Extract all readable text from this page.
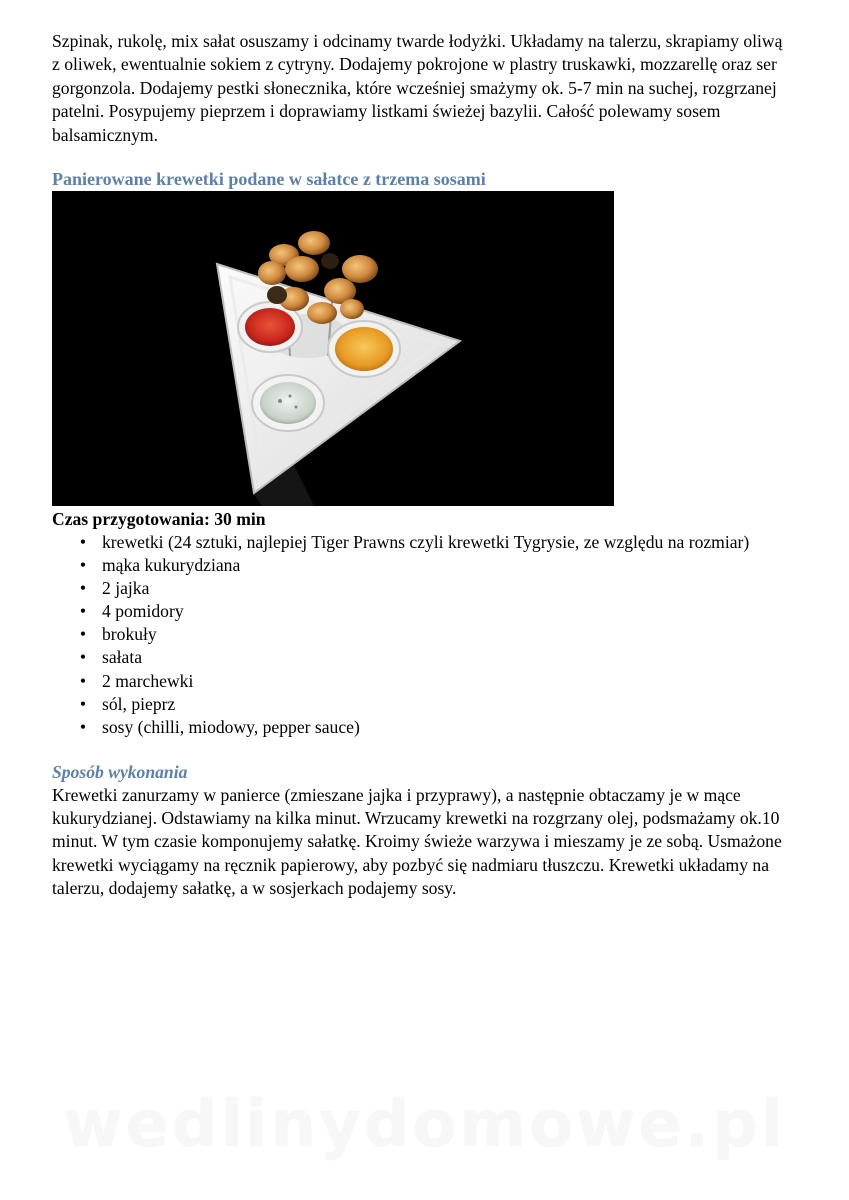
Szpinak, rukolę, mix sałat osuszamy i odcinamy twarde łodyżki. Układamy na talerzu, skrapiamy oliwą z oliwek, ewentualnie sokiem z cytryny. Dodajemy pokrojone w plastry truskawki, mozzarellę oraz ser gorgonzola. Dodajemy pestki słonecznika, które wcześniej smażymy ok. 5-7 min na suchej, rozgrzanej patelni. Posypujemy pieprzem i doprawiamy listkami świeżej bazylii. Całość polewamy sosem balsamicznym.

Panierowane krewetki podane w sałatce z trzema sosami

Czas przygotowania: 30 min

• krewetki (24 sztuki, najlepiej Tiger Prawns czyli krewetki Tygrysie, ze względu na rozmiar)
• mąka kukurydziana
• 2 jajka
• 4 pomidory
• brokuły
• sałata
• 2 marchewki
• sól, pieprz
• sosy (chilli, miodowy, pepper sauce)

Sposób wykonania

Krewetki zanurzamy w panierce (zmieszane jajka i przyprawy), a następnie obtaczamy je w mące kukurydzianej. Odstawiamy na kilka minut. Wrzucamy krewetki na rozgrzany olej, podsmażamy ok.10 minut. W tym czasie komponujemy sałatkę. Kroimy świeże warzywa i mieszamy je ze sobą. Usmażone krewetki wyciągamy na ręcznik papierowy, aby pozbyć się nadmiaru tłuszczu. Krewetki układamy na talerzu, dodajemy sałatkę, a w sosjerkach podajemy sosy.

wedlinydomowe.pl
